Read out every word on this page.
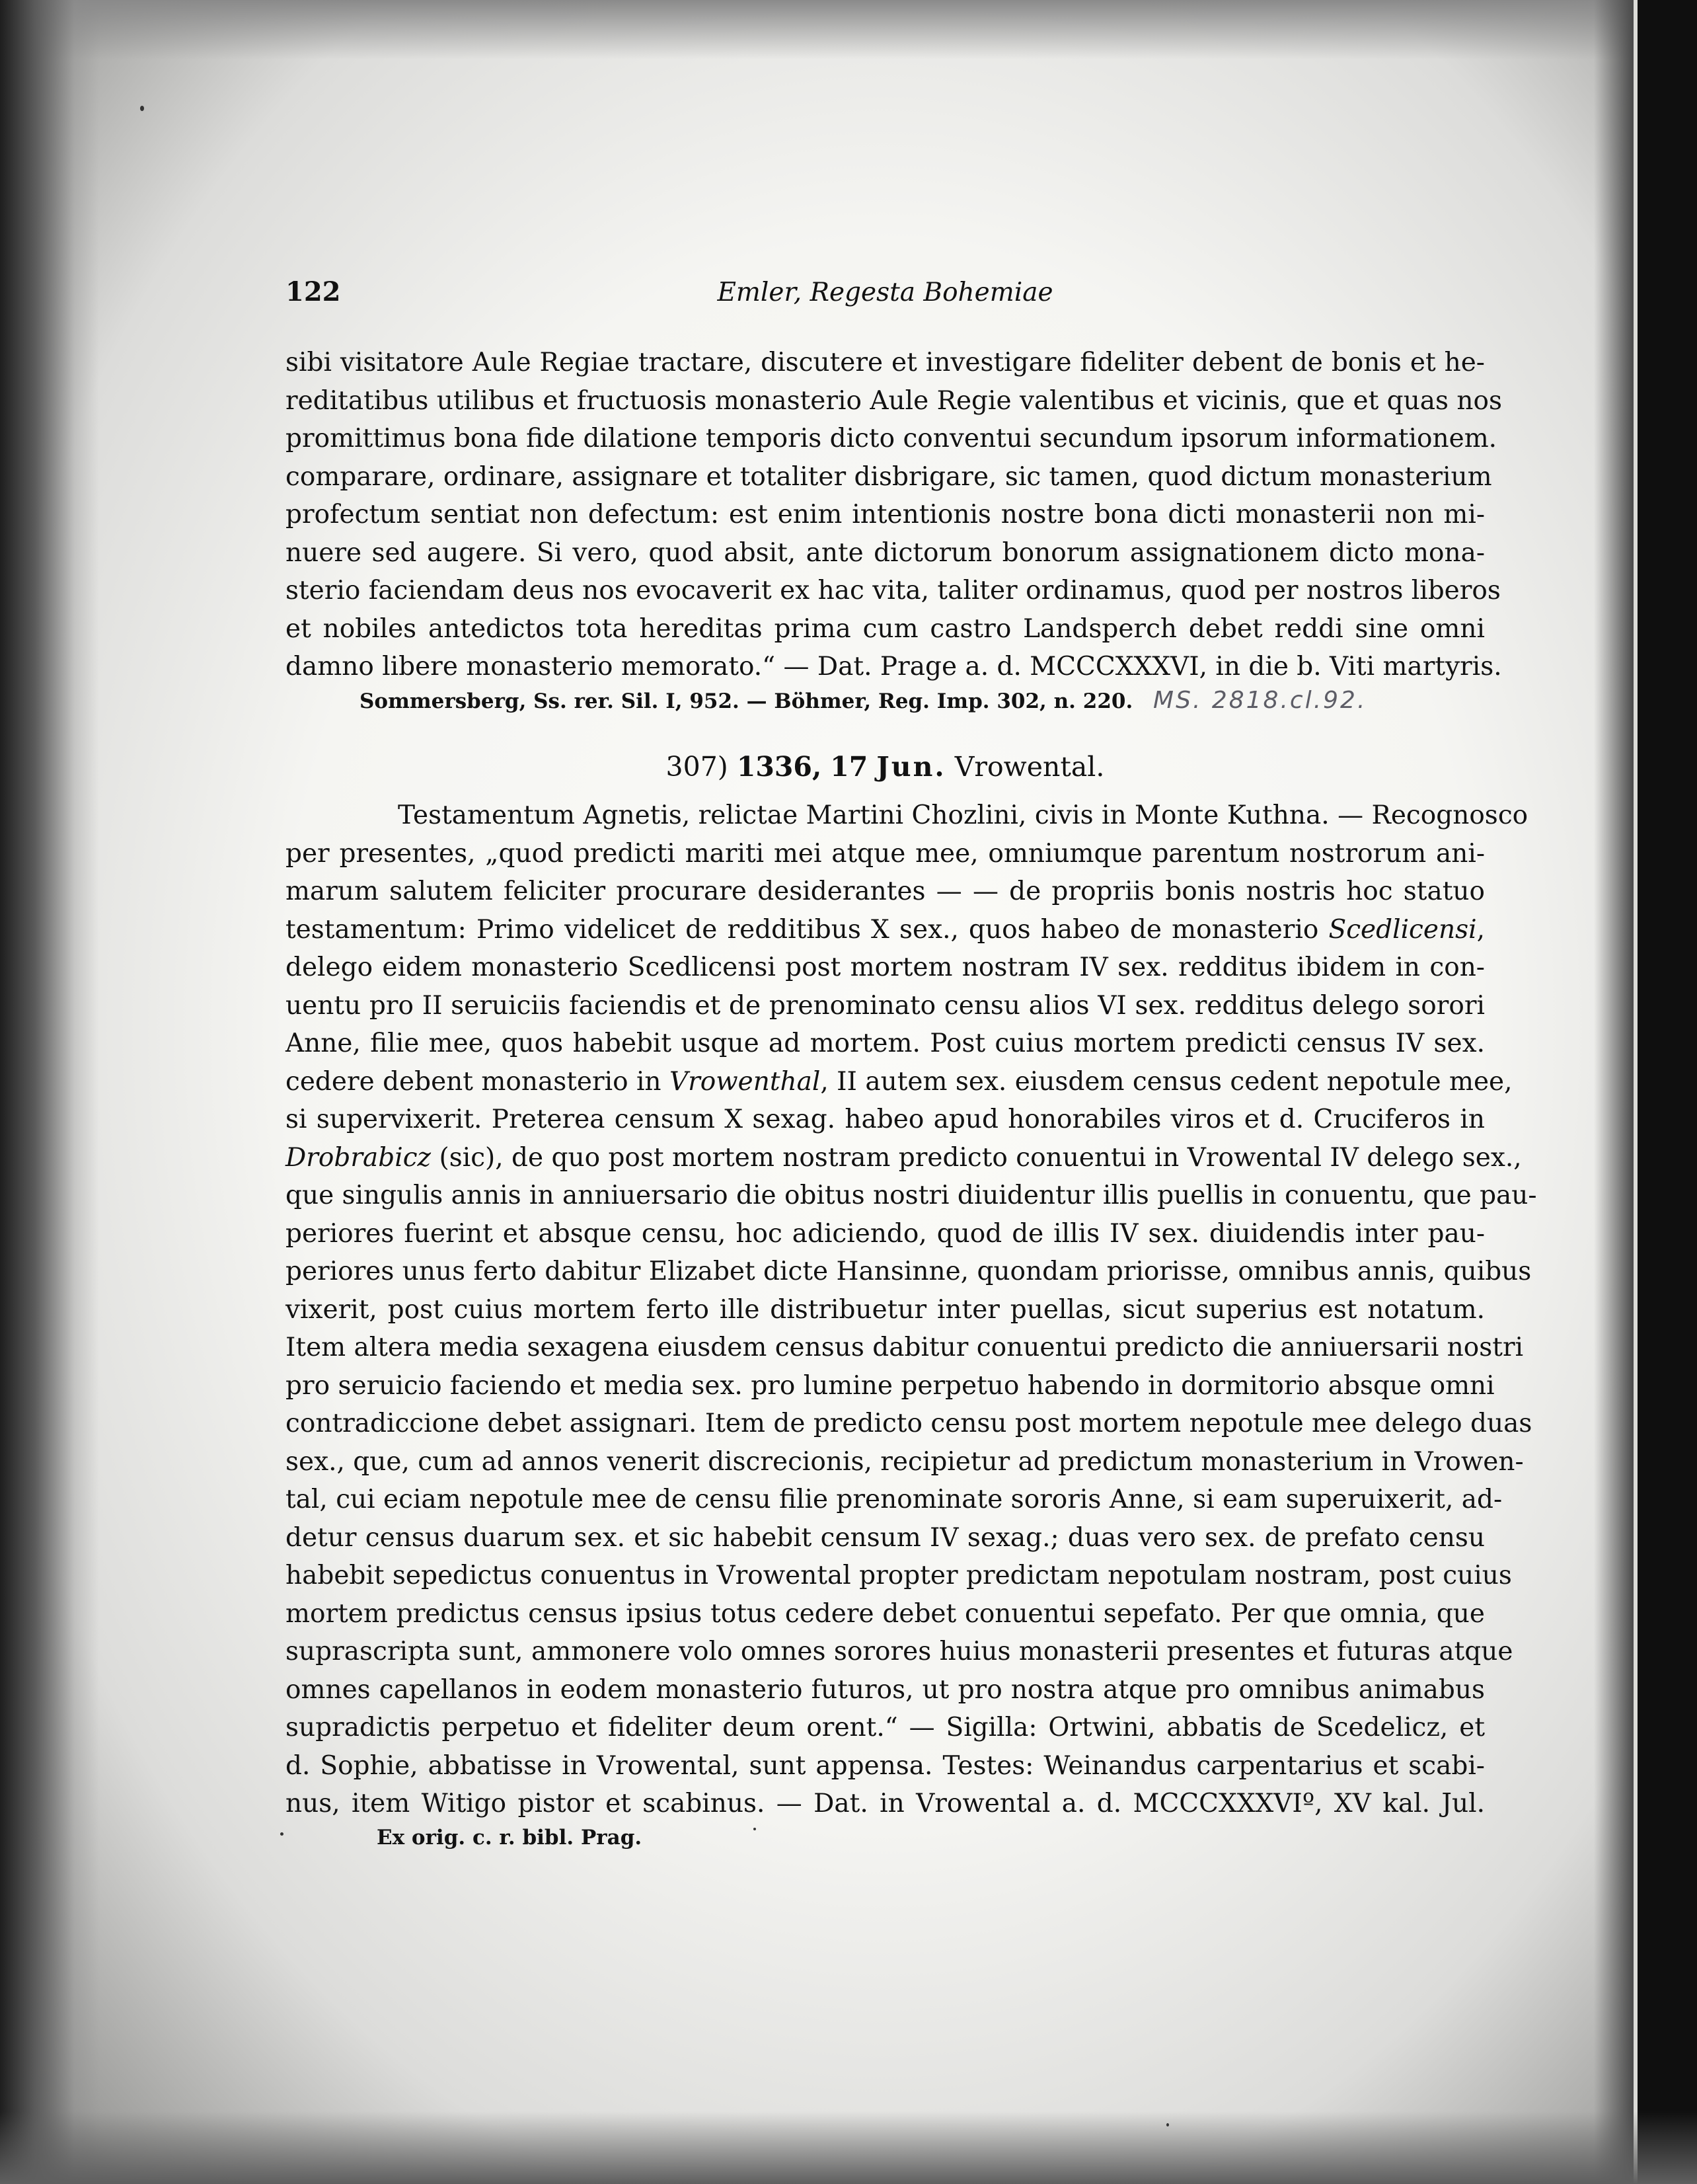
122	Emler, Regesta Bohemiae
sibi visitatore Aule Regiae tractare, discutere et investigare fideliter debent de bonis et he-
reditatibus utilibus et fructuosis monasterio Aule Regie valentibus et vicinis, que et quas nos
promittimus bona fide dilatione temporis dicto conventui secundum ipsorum informationem.
comparare, ordinare, assignare et totaliter disbrigare, sic tamen, quod dictum monasterium
profectum sentiat non defectum: est enim intentionis nostre bona dicti monasterii non mi-
nuere sed augere. Si vero, quod absit, ante dictorum bonorum assignationem dicto mona-
sterio faciendam deus nos evocaverit ex hac vita, taliter ordinamus, quod per nostros liberos
et nobiles antedictos tota hereditas prima cum castro Landsperch debet reddi sine omni
damno libere monasterio memorato.“ — Dat. Prage a. d. MCCCXXXVI, in die b. Viti martyris.
Sommersberg, Ss. rer. Sil. I, 952. — Böhmer, Reg. Imp. 302, n. 220. MS. 2818.cl.92.
307) 1336, 17 Jun. Vrowental.
Testamentum Agnetis, relictae Martini Chozlini, civis in Monte Kuthna. — Recognosco
per presentes, „quod predicti mariti mei atque mee, omniumque parentum nostrorum ani-
marum salutem feliciter procurare desiderantes — — de propriis bonis nostris hoc statuo
testamentum: Primo videlicet de redditibus X sex., quos habeo de monasterio Scedlicensi,
delego eidem monasterio Scedlicensi post mortem nostram IV sex. redditus ibidem in con-
uentu pro II seruiciis faciendis et de prenominato censu alios VI sex. redditus delego sorori
Anne, filie mee, quos habebit usque ad mortem. Post cuius mortem predicti census IV sex.
cedere debent monasterio in Vrowenthal, II autem sex. eiusdem census cedent nepotule mee,
si supervixerit. Preterea censum X sexag. habeo apud honorabiles viros et d. Cruciferos in
Drobrabicz (sic), de quo post mortem nostram predicto conuentui in Vrowental IV delego sex.,
que singulis annis in anniuersario die obitus nostri diuidentur illis puellis in conuentu, que pau-
periores fuerint et absque censu, hoc adiciendo, quod de illis IV sex. diuidendis inter pau-
periores unus ferto dabitur Elizabet dicte Hansinne, quondam priorisse, omnibus annis, quibus
vixerit, post cuius mortem ferto ille distribuetur inter puellas, sicut superius est notatum.
Item altera media sexagena eiusdem census dabitur conuentui predicto die anniuersarii nostri
pro seruicio faciendo et media sex. pro lumine perpetuo habendo in dormitorio absque omni
contradiccione debet assignari. Item de predicto censu post mortem nepotule mee delego duas
sex., que, cum ad annos venerit discrecionis, recipietur ad predictum monasterium in Vrowen-
tal, cui eciam nepotule mee de censu filie prenominate sororis Anne, si eam superuixerit, ad-
detur census duarum sex. et sic habebit censum IV sexag.; duas vero sex. de prefato censu
habebit sepedictus conuentus in Vrowental propter predictam nepotulam nostram, post cuius
mortem predictus census ipsius totus cedere debet conuentui sepefato. Per que omnia, que
suprascripta sunt, ammonere volo omnes sorores huius monasterii presentes et futuras atque
omnes capellanos in eodem monasterio futuros, ut pro nostra atque pro omnibus animabus
supradictis perpetuo et fideliter deum orent.“ — Sigilla: Ortwini, abbatis de Scedelicz, et
d. Sophie, abbatisse in Vrowental, sunt appensa. Testes: Weinandus carpentarius et scabi-
nus, item Witigo pistor et scabinus. — Dat. in Vrowental a. d. MCCCXXXVIº, XV kal. Jul.
Ex orig. c. r. bibl. Prag.
